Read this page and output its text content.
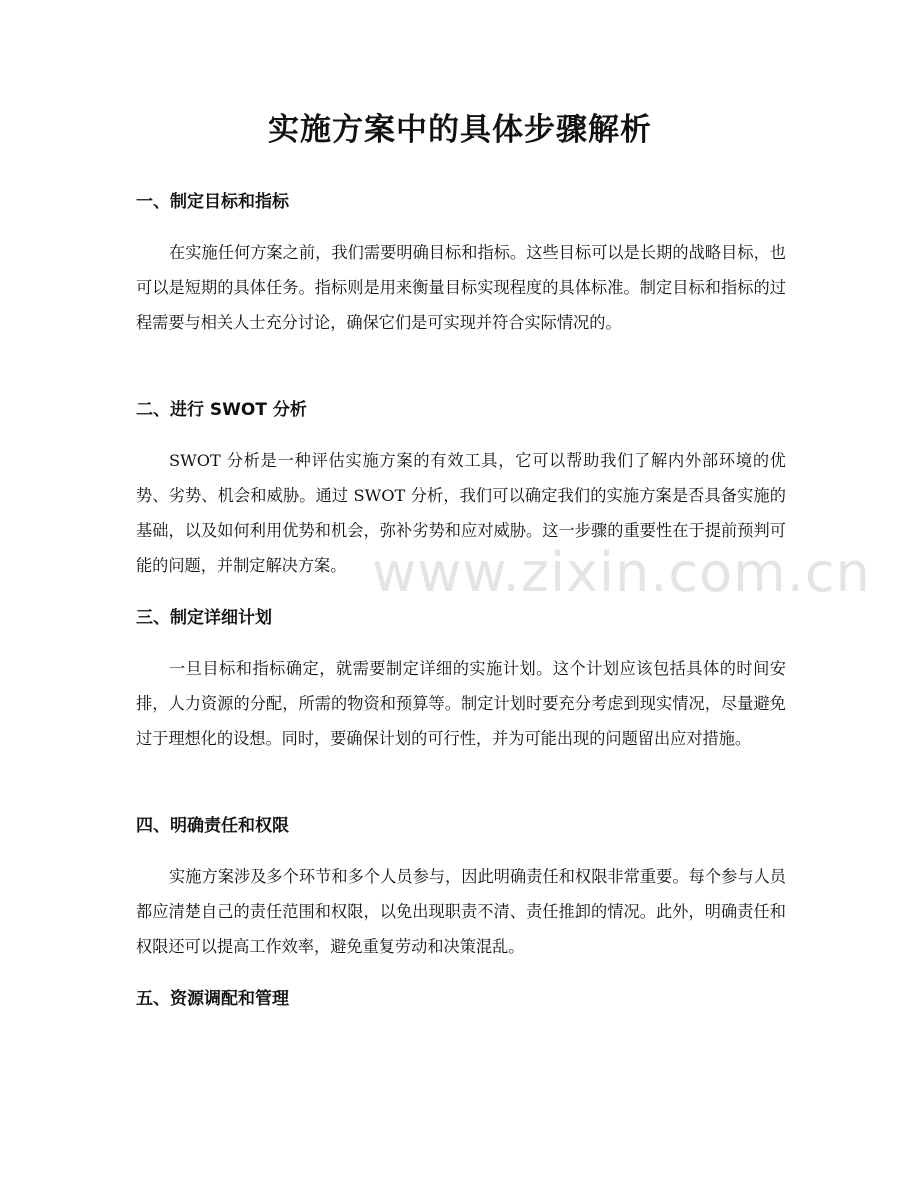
实施方案中的具体步骤解析
一、制定目标和指标

在实施任何方案之前，我们需要明确目标和指标。这些目标可以是长期的战略目标，也可以是短期的具体任务。指标则是用来衡量目标实现程度的具体标准。制定目标和指标的过程需要与相关人士充分讨论，确保它们是可实现并符合实际情况的。

二、进行 SWOT 分析

SWOT 分析是一种评估实施方案的有效工具，它可以帮助我们了解内外部环境的优势、劣势、机会和威胁。通过 SWOT 分析，我们可以确定我们的实施方案是否具备实施的基础，以及如何利用优势和机会，弥补劣势和应对威胁。这一步骤的重要性在于提前预判可能的问题，并制定解决方案。

三、制定详细计划

一旦目标和指标确定，就需要制定详细的实施计划。这个计划应该包括具体的时间安排，人力资源的分配，所需的物资和预算等。制定计划时要充分考虑到现实情况，尽量避免过于理想化的设想。同时，要确保计划的可行性，并为可能出现的问题留出应对措施。

四、明确责任和权限

实施方案涉及多个环节和多个人员参与，因此明确责任和权限非常重要。每个参与人员都应清楚自己的责任范围和权限，以免出现职责不清、责任推卸的情况。此外，明确责任和权限还可以提高工作效率，避免重复劳动和决策混乱。

五、资源调配和管理
www.zixin.com.cn
